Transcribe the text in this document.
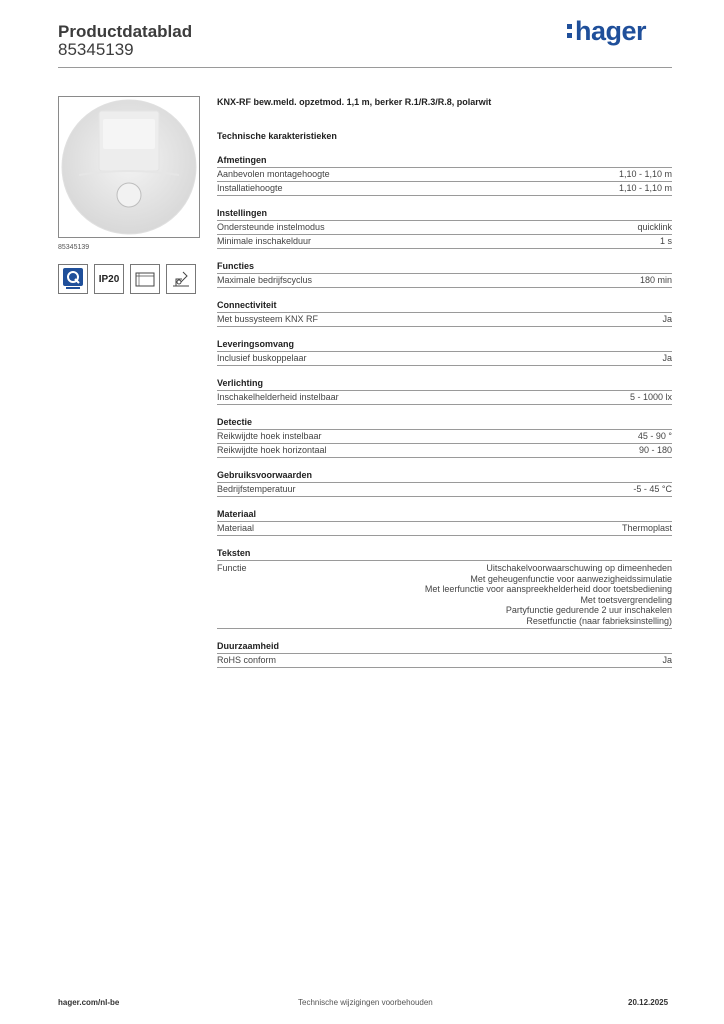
Productdatablad
85345139
hager
85345139
IP20
KNX-RF bew.meld. opzetmod. 1,1 m, berker R.1/R.3/R.8, polarwit
Technische karakteristieken
Afmetingen
Aanbevolen montagehoogte	1,10 - 1,10 m
Installatiehoogte	1,10 - 1,10 m
Instellingen
Ondersteunde instelmodus	quicklink
Minimale inschakelduur	1 s
Functies
Maximale bedrijfscyclus	180 min
Connectiviteit
Met bussysteem KNX RF	Ja
Leveringsomvang
Inclusief buskoppelaar	Ja
Verlichting
Inschakelhelderheid instelbaar	5 - 1000 lx
Detectie
Reikwijdte hoek instelbaar	45 - 90 °
Reikwijdte hoek horizontaal	90 - 180
Gebruiksvoorwaarden
Bedrijfstemperatuur	-5 - 45 °C
Materiaal
Materiaal	Thermoplast
Teksten
Functie	Uitschakelvoorwaarschuwing op dimeenheden
Met geheugenfunctie voor aanwezigheidssimulatie
Met leerfunctie voor aanspreekhelderheid door toetsbediening
Met toetsvergrendeling
Partyfunctie gedurende 2 uur inschakelen
Resetfunctie (naar fabrieksinstelling)
Duurzaamheid
RoHS conform	Ja
hager.com/nl-be	Technische wijzigingen voorbehouden	20.12.2025
